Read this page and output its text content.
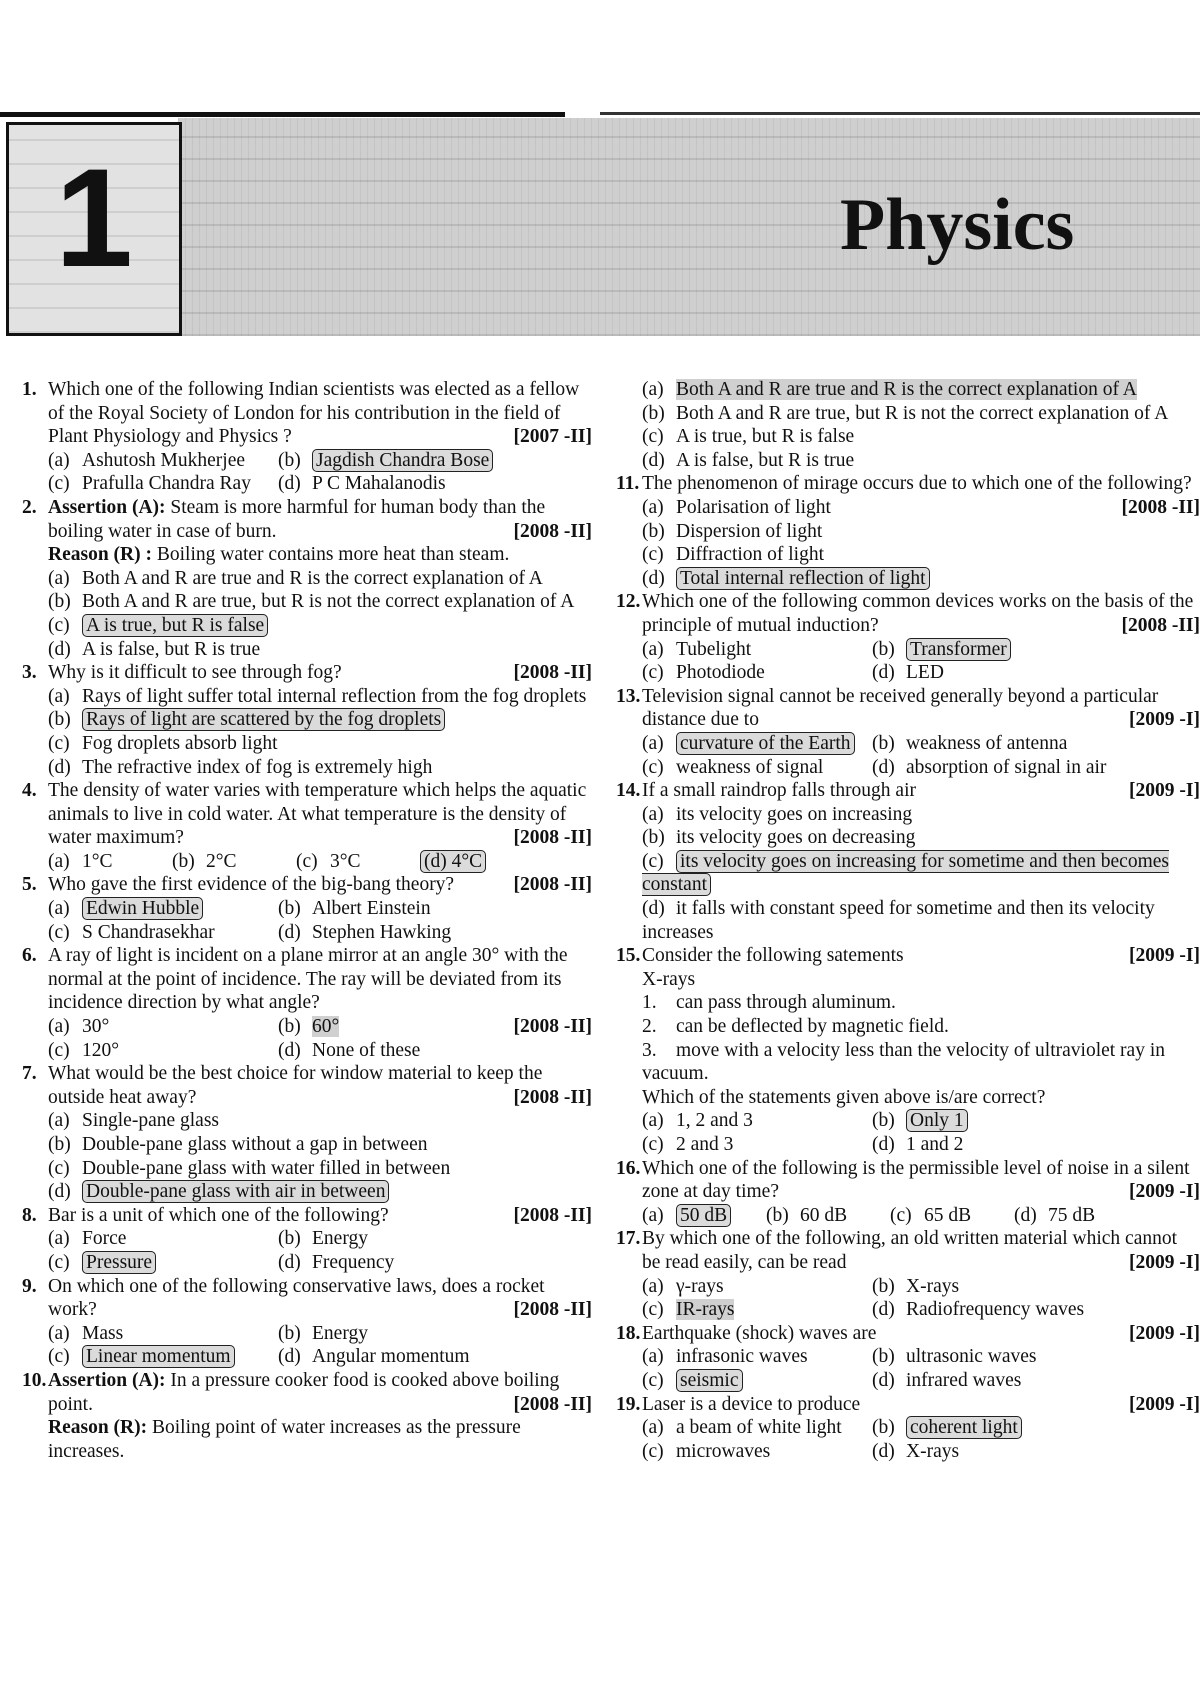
1	Physics
1. Which one of the following Indian scientists was elected as a fellow of the Royal Society of London for his contribution in the field of Plant Physiology and Physics ?	[2007 -II]
(a) Ashutosh Mukherjee (b) Jagdish Chandra Bose
(c) Prafulla Chandra Ray (d) P C Mahalanodis
2. Assertion (A): Steam is more harmful for human body than the boiling water in case of burn.	[2008 -II]
Reason (R) : Boiling water contains more heat than steam.
(a) Both A and R are true and R is the correct explanation of A
(b) Both A and R are true, but R is not the correct explanation of A
(c) A is true, but R is false
(d) A is false, but R is true
3. Why is it difficult to see through fog?	[2008 -II]
(a) Rays of light suffer total internal reflection from the fog droplets
(b) Rays of light are scattered by the fog droplets
(c) Fog droplets absorb light
(d) The refractive index of fog is extremely high
4. The density of water varies with temperature which helps the aquatic animals to live in cold water. At what temperature is the density of water maximum?	[2008 -II]
(a) 1°C	(b) 2°C	(c) 3°C	(d) 4°C
5. Who gave the first evidence of the big-bang theory?	[2008 -II]
(a) Edwin Hubble	(b) Albert Einstein
(c) S Chandrasekhar	(d) Stephen Hawking
6. A ray of light is incident on a plane mirror at an angle 30° with the normal at the point of incidence. The ray will be deviated from its incidence direction by what angle?
(a) 30°	(b) 60°	[2008 -II]
(c) 120°	(d) None of these
7. What would be the best choice for window material to keep the outside heat away?	[2008 -II]
(a) Single-pane glass
(b) Double-pane glass without a gap in between
(c) Double-pane glass with water filled in between
(d) Double-pane glass with air in between
8. Bar is a unit of which one of the following?	[2008 -II]
(a) Force	(b) Energy
(c) Pressure	(d) Frequency
9. On which one of the following conservative laws, does a rocket work?	[2008 -II]
(a) Mass	(b) Energy
(c) Linear momentum (d) Angular momentum
10. Assertion (A): In a pressure cooker food is cooked above boiling point.	[2008 -II]
Reason (R): Boiling point of water increases as the pressure increases.
(a) Both A and R are true and R is the correct explanation of A
(b) Both A and R are true, but R is not the correct explanation of A
(c) A is true, but R is false
(d) A is false, but R is true
11. The phenomenon of mirage occurs due to which one of the following?
[2008 -II]
(a) Polarisation of light
(b) Dispersion of light
(c) Diffraction of light
(d) Total internal reflection of light
12. Which one of the following common devices works on the basis of the principle of mutual induction?	[2008 -II]
(a) Tubelight	(b) Transformer
(c) Photodiode	(d) LED
13. Television signal cannot be received generally beyond a particular distance due to	[2009 -I]
(a) curvature of the Earth (b) weakness of antenna
(c) weakness of signal (d) absorption of signal in air
14. If a small raindrop falls through air	[2009 -I]
(a) its velocity goes on increasing
(b) its velocity goes on decreasing
(c) its velocity goes on increasing for sometime and then becomes constant
(d) it falls with constant speed for sometime and then its velocity increases
15. Consider the following satements	[2009 -I]
X-rays
1. can pass through aluminum.
2. can be deflected by magnetic field.
3. move with a velocity less than the velocity of ultraviolet ray in vacuum.
Which of the statements given above is/are correct?
(a) 1, 2 and 3	(b) Only 1
(c) 2 and 3	(d) 1 and 2
16. Which one of the following is the permissible level of noise in a silent zone at day time?	[2009 -I]
(a) 50 dB (b) 60 dB (c) 65 dB (d) 75 dB
17. By which one of the following, an old written material which cannot be read easily, can be read	[2009 -I]
(a) γ-rays	(b) X-rays
(c) IR-rays	(d) Radiofrequency waves
18. Earthquake (shock) waves are	[2009 -I]
(a) infrasonic waves	(b) ultrasonic waves
(c) seismic	(d) infrared waves
19. Laser is a device to produce	[2009 -I]
(a) a beam of white light (b) coherent light
(c) microwaves	(d) X-rays
